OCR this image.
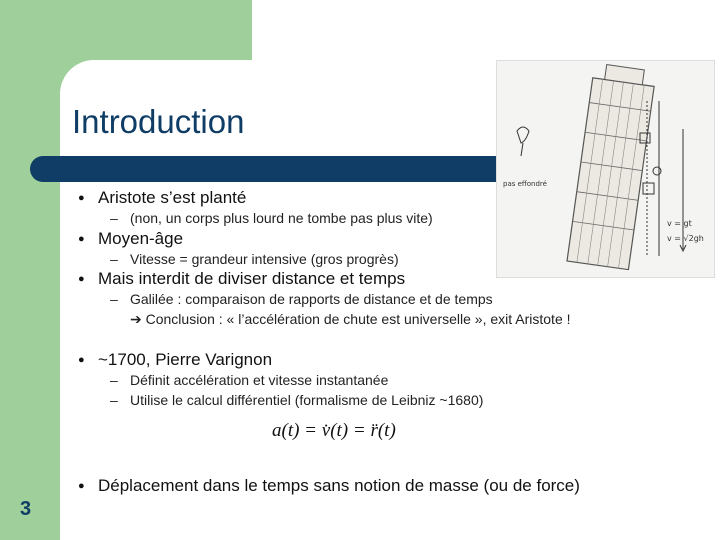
Introduction
pas effondré
v = gt
v = √2gh
● Aristote s’est planté
– (non, un corps plus lourd ne tombe pas plus vite)
● Moyen-âge
– Vitesse = grandeur intensive (gros progrès)
● Mais interdit de diviser distance et temps
– Galilée : comparaison de rapports de distance et de temps
➔ Conclusion : « l’accélération de chute est universelle », exit Aristote !
● ~1700, Pierre Varignon
– Définit accélération et vitesse instantanée
– Utilise le calcul différentiel (formalisme de Leibniz ~1680)
a(t) = v̇(t) = r̈(t)
● Déplacement dans le temps sans notion de masse (ou de force)
3
